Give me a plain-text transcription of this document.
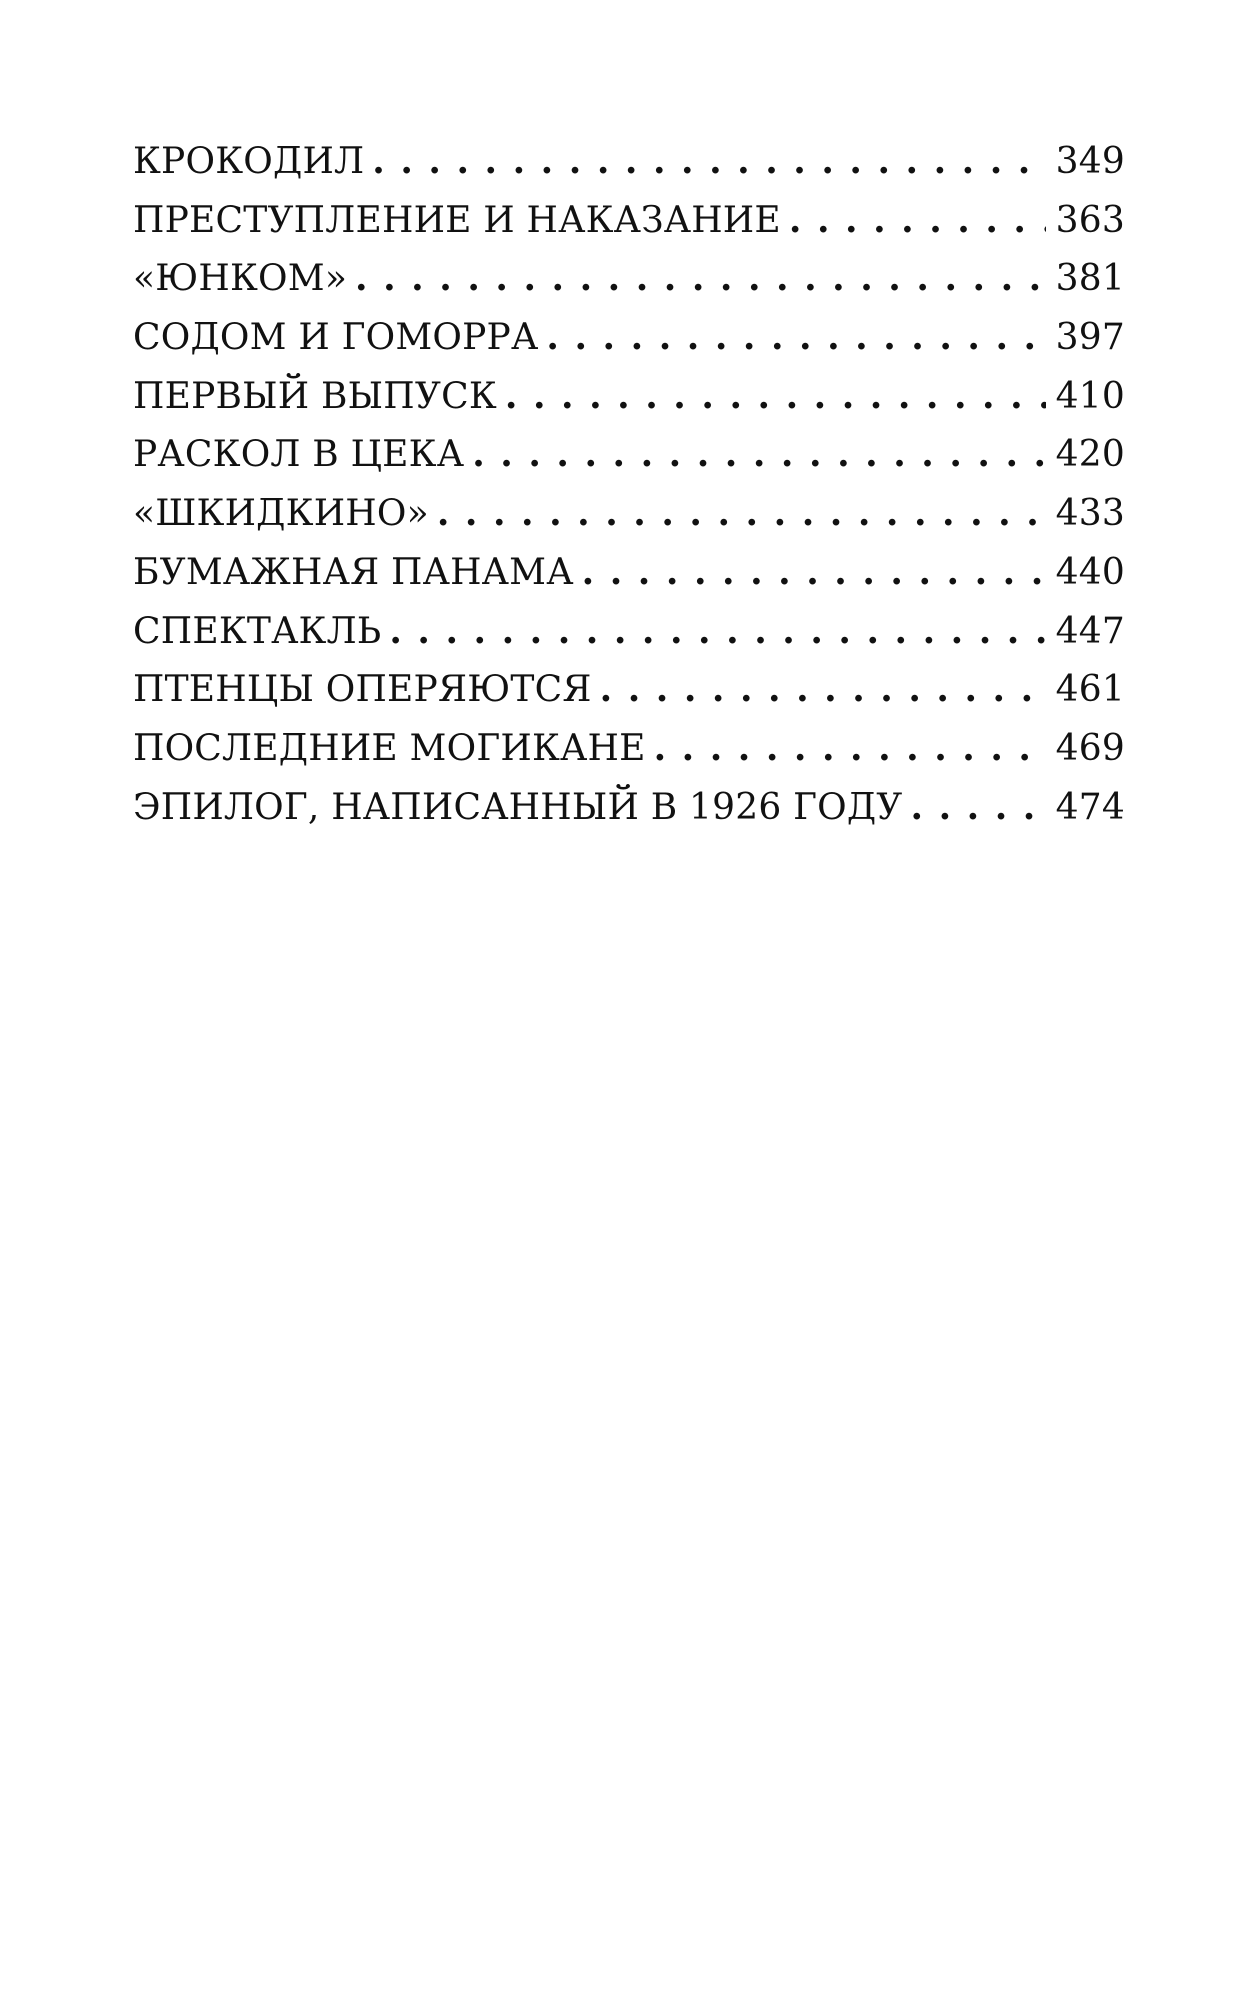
КРОКОДИЛ . . .	349
ПРЕСТУПЛЕНИЕ И НАКАЗАНИЕ . . .	363
«ЮНКОМ» . . .	381
СОДОМ И ГОМОРРА . . .	397
ПЕРВЫЙ ВЫПУСК . . .	410
РАСКОЛ В ЦЕКА . . .	420
«ШКИДКИНО» . . .	433
БУМАЖНАЯ ПАНАМА . . .	440
СПЕКТАКЛЬ . . .	447
ПТЕНЦЫ ОПЕРЯЮТСЯ . . .	461
ПОСЛЕДНИЕ МОГИКАНЕ . . .	469
ЭПИЛОГ, НАПИСАННЫЙ В 1926 ГОДУ . . .	474
